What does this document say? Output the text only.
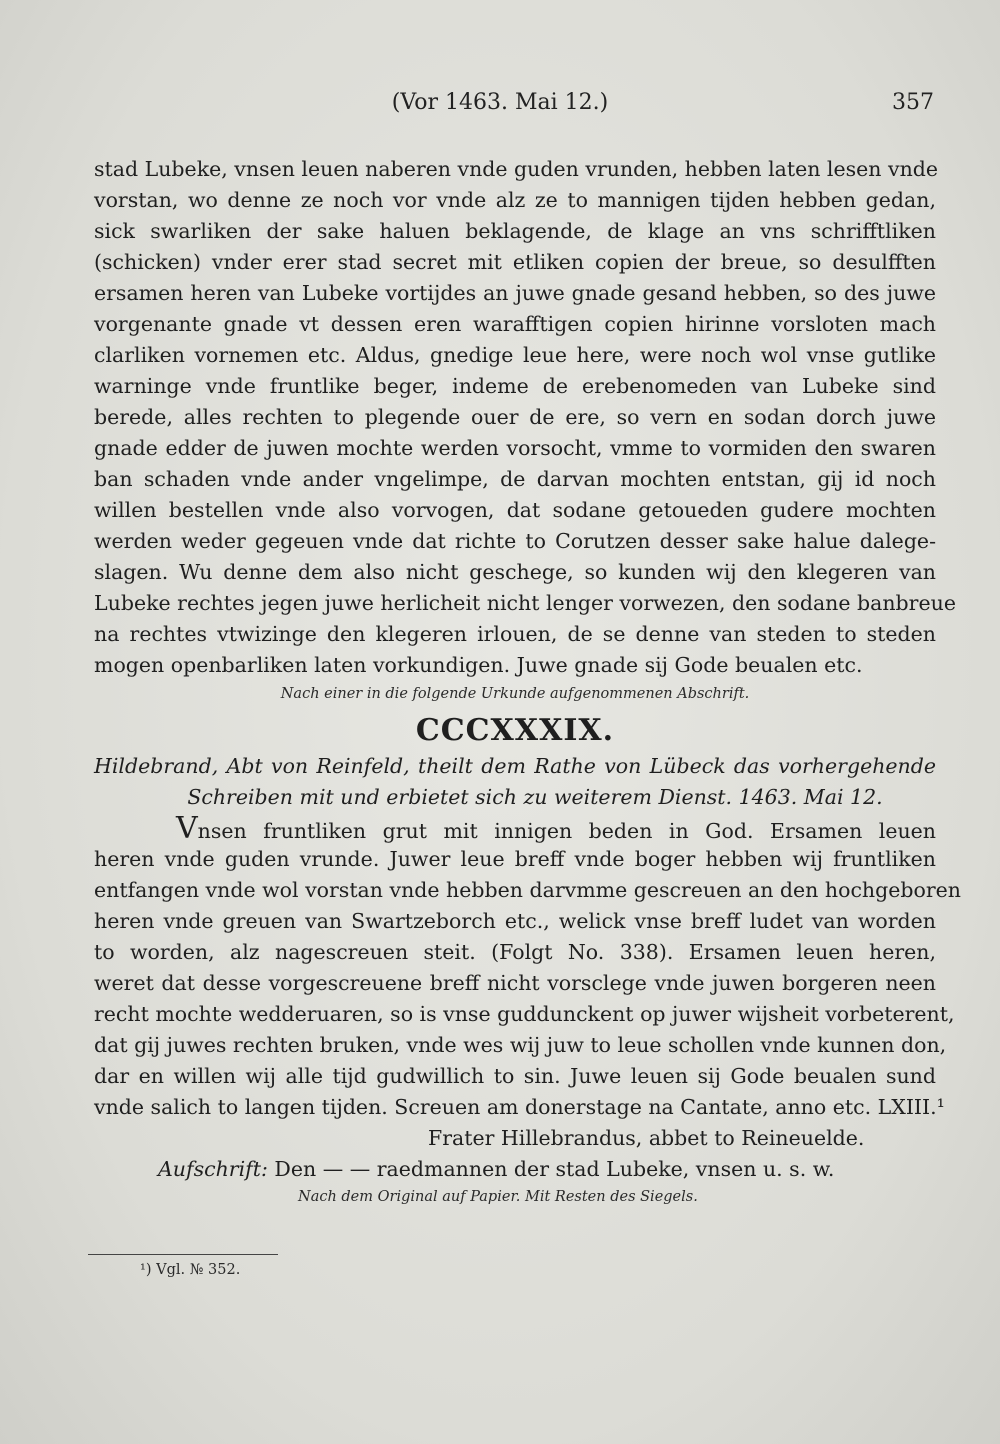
(Vor 1463. Mai 12.)	357
stad Lubeke, vnsen leuen naberen vnde guden vrunden, hebben laten lesen vnde
vorstan, wo denne ze noch vor vnde alz ze to mannigen tijden hebben gedan,
sick swarliken der sake haluen beklagende, de klage an vns schrifftliken
(schicken) vnder erer stad secret mit etliken copien der breue, so desulfften
ersamen heren van Lubeke vortijdes an juwe gnade gesand hebben, so des juwe
vorgenante gnade vt dessen eren warafftigen copien hirinne vorsloten mach
clarliken vornemen etc. Aldus, gnedige leue here, were noch wol vnse gutlike
warninge vnde fruntlike beger, indeme de erebenomeden van Lubeke sind
berede, alles rechten to plegende ouer de ere, so vern en sodan dorch juwe
gnade edder de juwen mochte werden vorsocht, vmme to vormiden den swaren
ban schaden vnde ander vngelimpe, de darvan mochten entstan, gij id noch
willen bestellen vnde also vorvogen, dat sodane getoueden gudere mochten
werden weder gegeuen vnde dat richte to Corutzen desser sake halue dalege-
slagen. Wu denne dem also nicht geschege, so kunden wij den klegeren van
Lubeke rechtes jegen juwe herlicheit nicht lenger vorwezen, den sodane banbreue
na rechtes vtwizinge den klegeren irlouen, de se denne van steden to steden
mogen openbarliken laten vorkundigen. Juwe gnade sij Gode beualen etc.
Nach einer in die folgende Urkunde aufgenommenen Abschrift.
CCCXXXIX.
Hildebrand, Abt von Reinfeld, theilt dem Rathe von Lübeck das vorhergehende
Schreiben mit und erbietet sich zu weiterem Dienst. 1463. Mai 12.
Vnsen fruntliken grut mit innigen beden in God. Ersamen leuen
heren vnde guden vrunde. Juwer leue breff vnde boger hebben wij fruntliken
entfangen vnde wol vorstan vnde hebben darvmme gescreuen an den hochgeboren
heren vnde greuen van Swartzeborch etc., welick vnse breff ludet van worden
to worden, alz nagescreuen steit. (Folgt No. 338). Ersamen leuen heren,
weret dat desse vorgescreuene breff nicht vorsclege vnde juwen borgeren neen
recht mochte wedderuaren, so is vnse guddunckent op juwer wijsheit vorbeterent,
dat gij juwes rechten bruken, vnde wes wij juw to leue schollen vnde kunnen don,
dar en willen wij alle tijd gudwillich to sin. Juwe leuen sij Gode beualen sund
vnde salich to langen tijden. Screuen am donerstage na Cantate, anno etc. LXIII.¹
Frater Hillebrandus, abbet to Reineuelde.
Aufschrift: Den — — raedmannen der stad Lubeke, vnsen u. s. w.
Nach dem Original auf Papier. Mit Resten des Siegels.
¹) Vgl. № 352.
